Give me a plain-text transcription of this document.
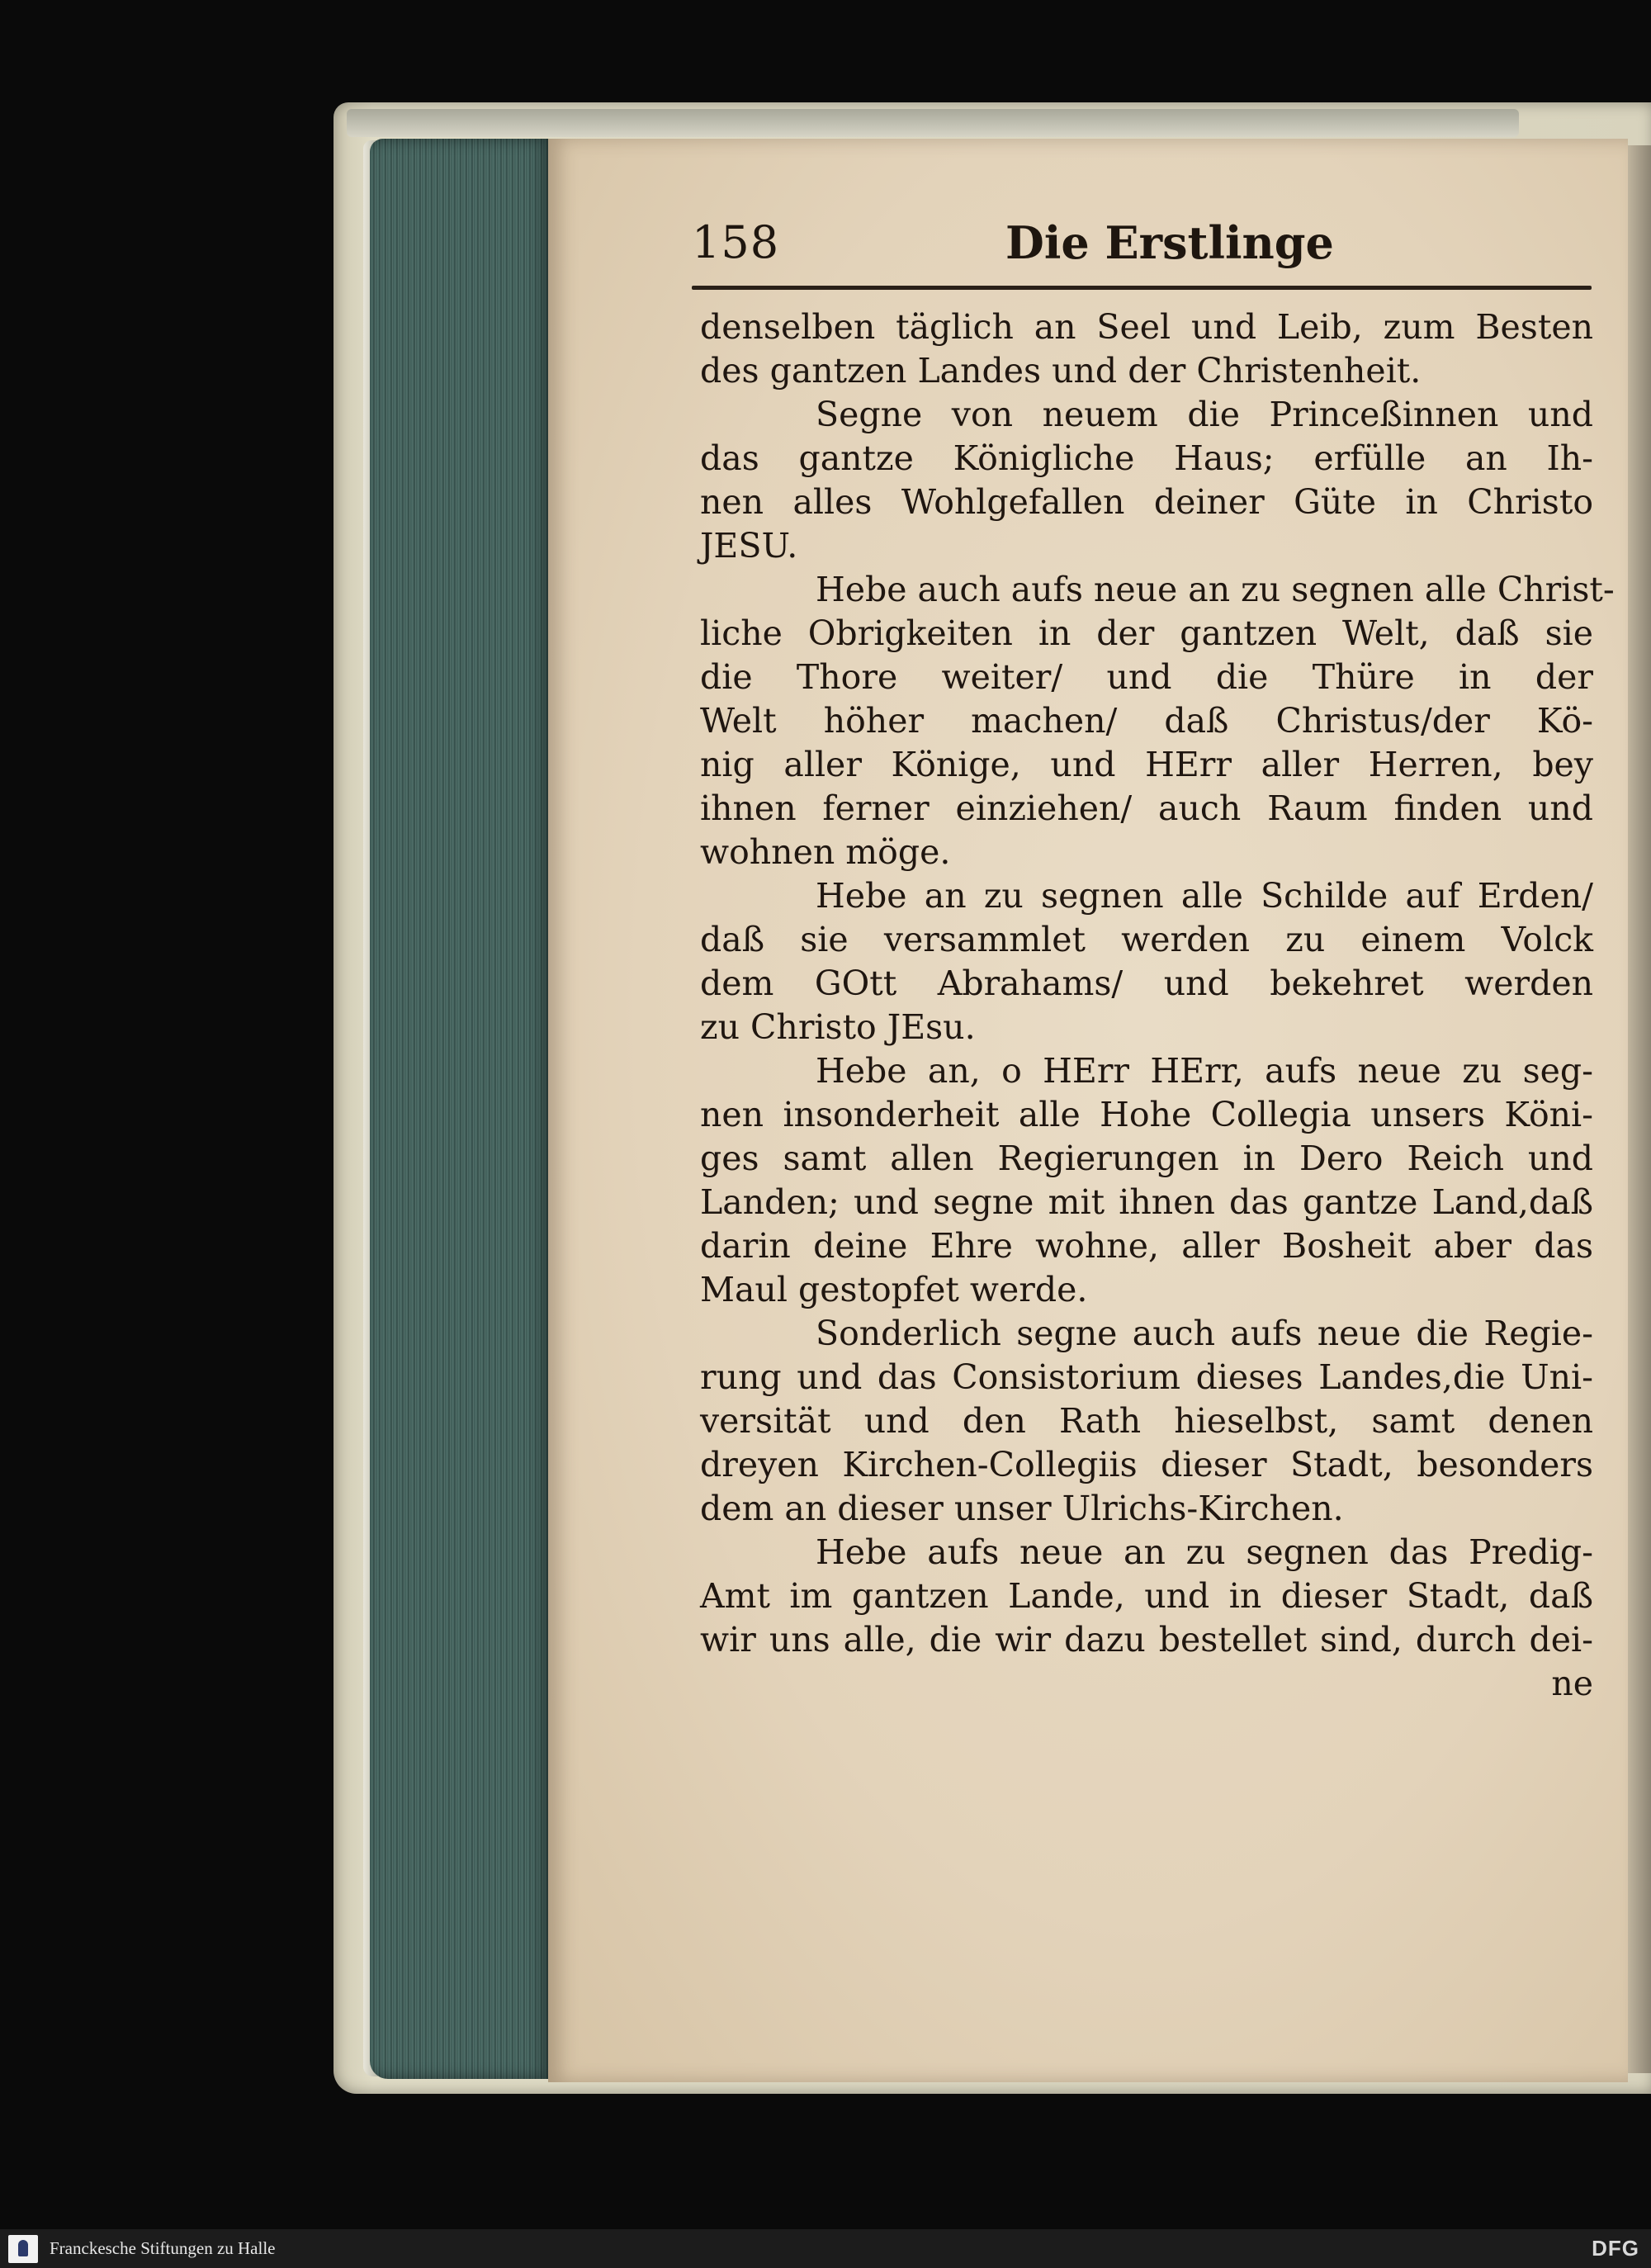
158	Die Erstlinge
denselben täglich an Seel und Leib, zum Besten
des gantzen Landes und der Christenheit.
Segne von neuem die Princeßinnen und
das gantze Königliche Haus; erfülle an Ih-
nen alles Wohlgefallen deiner Güte in Christo
JESU.
Hebe auch aufs neue an zu segnen alle Christ-
liche Obrigkeiten in der gantzen Welt, daß sie
die Thore weiter/ und die Thüre in der
Welt höher machen/ daß Christus/der Kö-
nig aller Könige, und HErr aller Herren, bey
ihnen ferner einziehen/ auch Raum finden und
wohnen möge.
Hebe an zu segnen alle Schilde auf Erden/
daß sie versammlet werden zu einem Volck
dem GOtt Abrahams/ und bekehret werden
zu Christo JEsu.
Hebe an, o HErr HErr, aufs neue zu seg-
nen insonderheit alle Hohe Collegia unsers Köni-
ges samt allen Regierungen in Dero Reich und
Landen; und segne mit ihnen das gantze Land,daß
darin deine Ehre wohne, aller Bosheit aber das
Maul gestopfet werde.
Sonderlich segne auch aufs neue die Regie-
rung und das Consistorium dieses Landes,die Uni-
versität und den Rath hieselbst, samt denen
dreyen Kirchen-Collegiis dieser Stadt, besonders
dem an dieser unser Ulrichs-Kirchen.
Hebe aufs neue an zu segnen das Predig-
Amt im gantzen Lande, und in dieser Stadt, daß
wir uns alle, die wir dazu bestellet sind, durch dei-
ne
Franckesche Stiftungen zu Halle	DFG
